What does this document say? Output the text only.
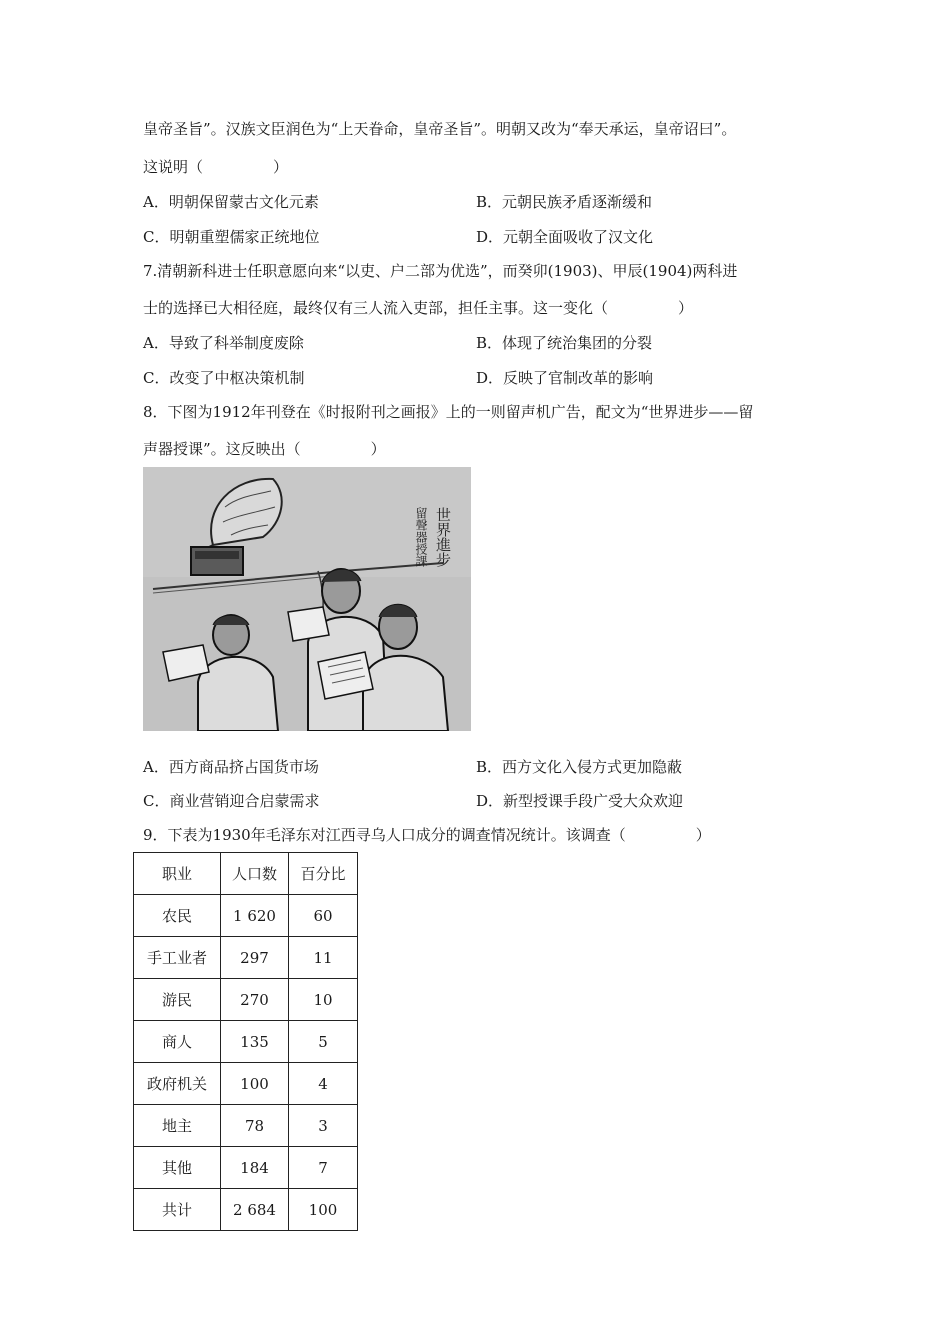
皇帝圣旨”。汉族文臣润色为“上天眷命，皇帝圣旨”。明朝又改为“奉天承运，皇帝诏曰”。
这说明（	）
A．明朝保留蒙古文化元素	B．元朝民族矛盾逐渐缓和
C．明朝重塑儒家正统地位	D．元朝全面吸收了汉文化
7.清朝新科进士任职意愿向来“以吏、户二部为优选”，而癸卯(1903)、甲辰(1904)两科进
士的选择已大相径庭，最终仅有三人流入吏部，担任主事。这一变化（	）
A．导致了科举制度废除	B．体现了统治集团的分裂
C．改变了中枢决策机制	D．反映了官制改革的影响
8．下图为1912年刊登在《时报附刊之画报》上的一则留声机广告，配文为“世界进步——留
声器授课”。这反映出（	）
世界進步
留聲器授課
A．西方商品挤占国货市场	B．西方文化入侵方式更加隐蔽
C．商业营销迎合启蒙需求	D．新型授课手段广受大众欢迎
9．下表为1930年毛泽东对江西寻乌人口成分的调查情况统计。该调查（	）
职业	人口数	百分比
农民	1 620	60
手工业者	297	11
游民	270	10
商人	135	5
政府机关	100	4
地主	78	3
其他	184	7
共计	2 684	100
